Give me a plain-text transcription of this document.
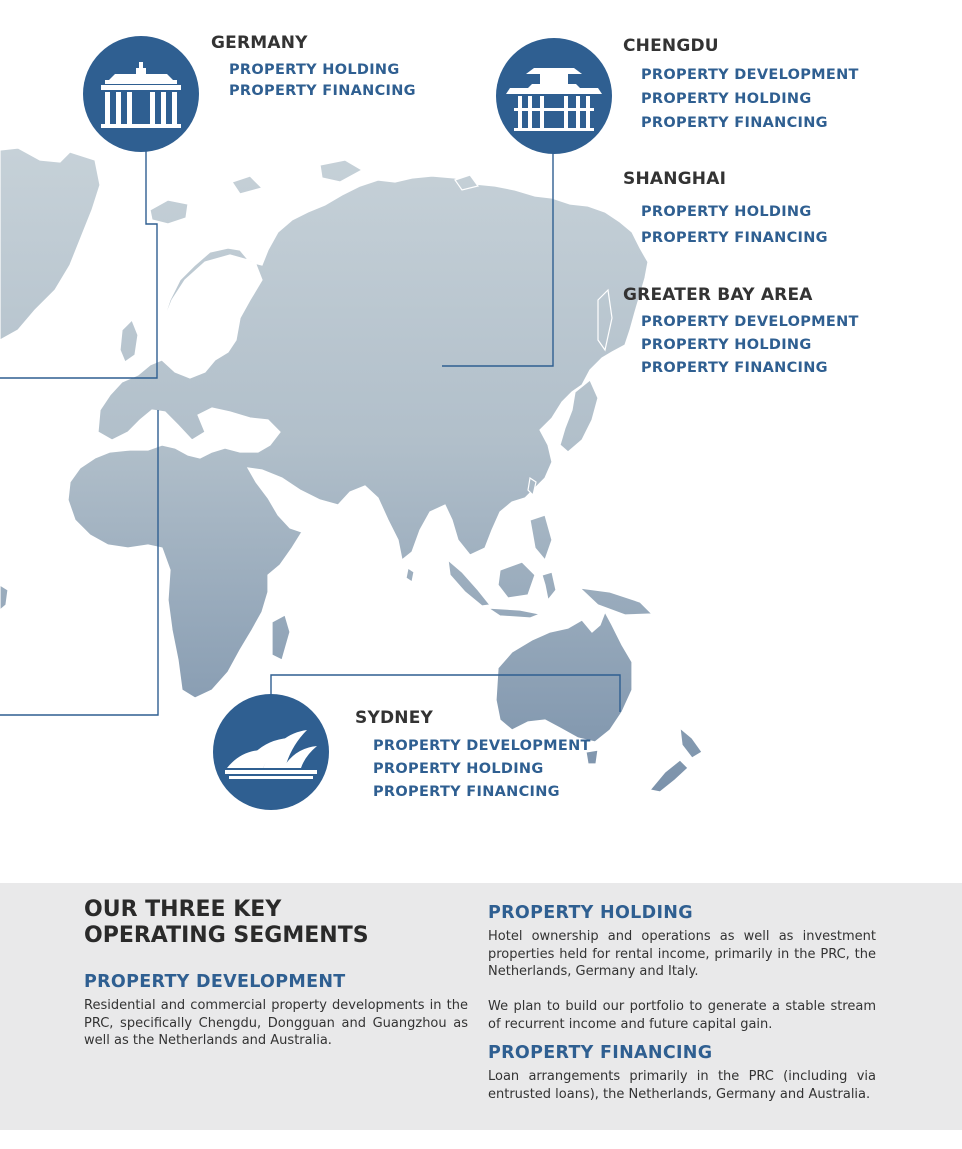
GERMANY
PROPERTY HOLDING
PROPERTY FINANCING
CHENGDU
PROPERTY DEVELOPMENT
PROPERTY HOLDING
PROPERTY FINANCING
SHANGHAI
PROPERTY HOLDING
PROPERTY FINANCING
GREATER BAY AREA
PROPERTY DEVELOPMENT
PROPERTY HOLDING
PROPERTY FINANCING
SYDNEY
PROPERTY DEVELOPMENT
PROPERTY HOLDING
PROPERTY FINANCING
OUR THREE KEY
OPERATING SEGMENTS
PROPERTY DEVELOPMENT

Residential and commercial property developments in the PRC, specifically Chengdu, Dongguan and Guangzhou as well as the Netherlands and Australia.

PROPERTY HOLDING

Hotel ownership and operations as well as investment properties held for rental income, primarily in the PRC, the Netherlands, Germany and Italy.

We plan to build our portfolio to generate a stable stream of recurrent income and future capital gain.

PROPERTY FINANCING

Loan arrangements primarily in the PRC (including via entrusted loans), the Netherlands, Germany and Australia.
